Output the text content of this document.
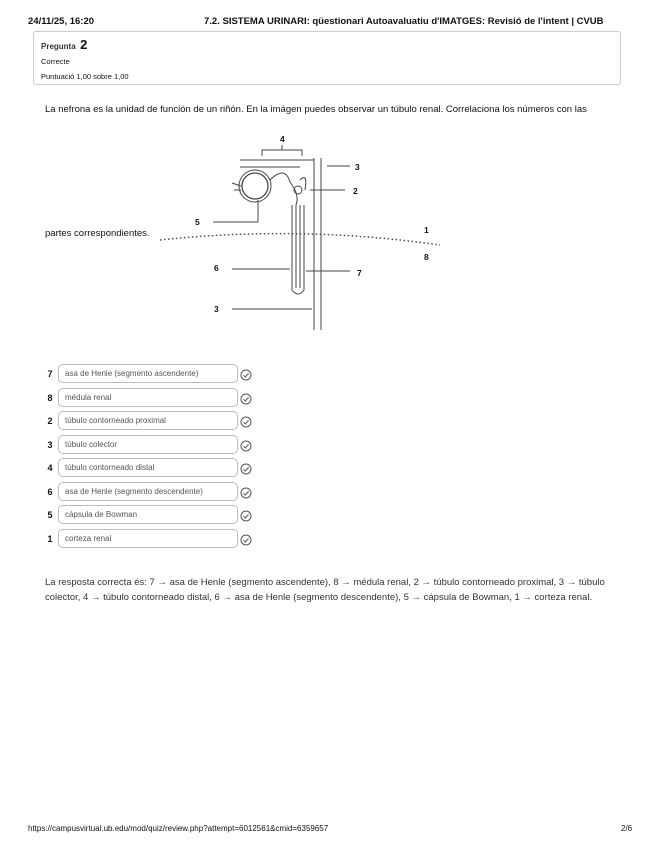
24/11/25, 16:20	7.2. SISTEMA URINARI: qüestionari Autoavaluatiu d'IMATGES: Revisió de l'intent | CVUB
Pregunta 2
Correcte
Puntuació 1,00 sobre 1,00
La nefrona es la unidad de función de un riñón. En la imágen puedes observar un túbulo renal. Correlaciona los números con las
partes correspondientes.
4
3
2
5
1
8
6	7
3
7	asa de Henle (segmento ascendente)
8	médula renal
2	túbulo contorneado proximal
3	túbulo colector
4	túbulo contorneado distal
6	asa de Henle (segmento descendente)
5	cápsula de Bowman
1	corteza renal
La resposta correcta és: 7 → asa de Henle (segmento ascendente), 8 → médula renal, 2 → túbulo contorneado proximal, 3 → túbulo colector, 4 → túbulo contorneado distal, 6 → asa de Henle (segmento descendente), 5 → cápsula de Bowman, 1 → corteza renal.
https://campusvirtual.ub.edu/mod/quiz/review.php?attempt=6012561&cmid=6359657	2/6
